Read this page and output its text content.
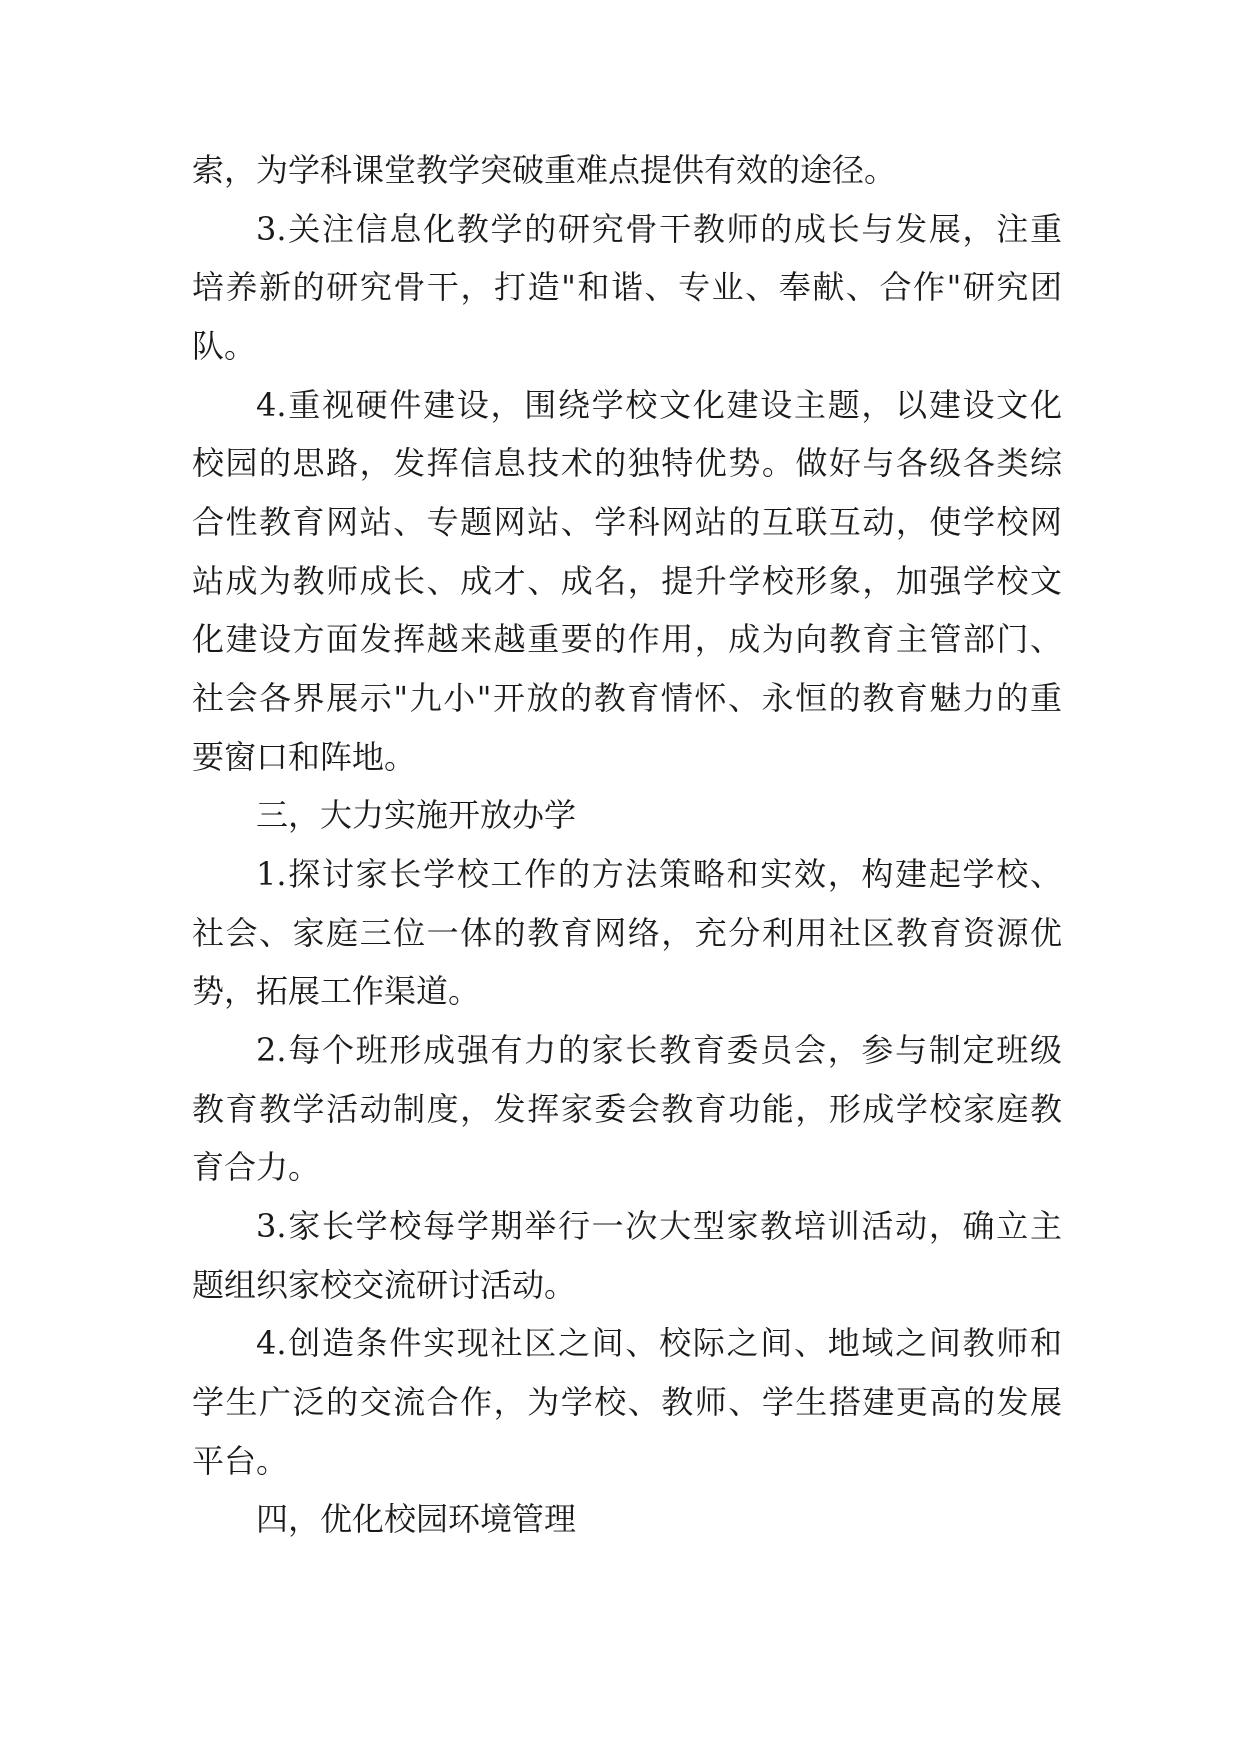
索，为学科课堂教学突破重难点提供有效的途径。
3.关注信息化教学的研究骨干教师的成长与发展，注重
培养新的研究骨干，打造"和谐、专业、奉献、合作"研究团
队。
4.重视硬件建设，围绕学校文化建设主题，以建设文化
校园的思路，发挥信息技术的独特优势。做好与各级各类综
合性教育网站、专题网站、学科网站的互联互动，使学校网
站成为教师成长、成才、成名，提升学校形象，加强学校文
化建设方面发挥越来越重要的作用，成为向教育主管部门、
社会各界展示"九小"开放的教育情怀、永恒的教育魅力的重
要窗口和阵地。
三，大力实施开放办学
1.探讨家长学校工作的方法策略和实效，构建起学校、
社会、家庭三位一体的教育网络，充分利用社区教育资源优
势，拓展工作渠道。
2.每个班形成强有力的家长教育委员会，参与制定班级
教育教学活动制度，发挥家委会教育功能，形成学校家庭教
育合力。
3.家长学校每学期举行一次大型家教培训活动，确立主
题组织家校交流研讨活动。
4.创造条件实现社区之间、校际之间、地域之间教师和
学生广泛的交流合作，为学校、教师、学生搭建更高的发展
平台。
四，优化校园环境管理
